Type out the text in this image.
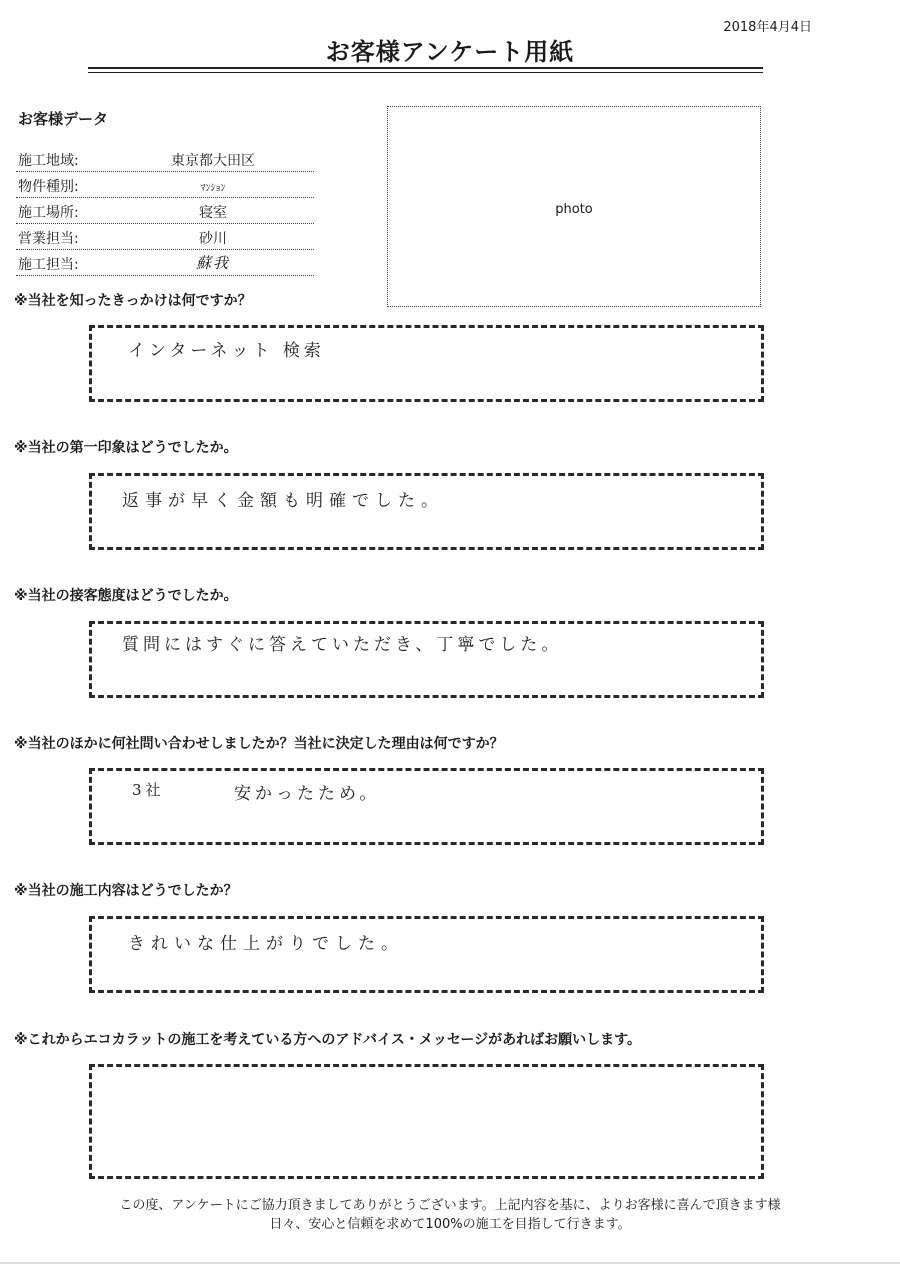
2018年4月4日
お客様アンケート用紙
お客様データ
施工地域:	東京都大田区
物件種別:	ﾏﾝｼｮﾝ
施工場所:	寝室
営業担当:	砂川
施工担当:	蘇我
photo
※当社を知ったきっかけは何ですか？
インターネット 検索
※当社の第一印象はどうでしたか。
返事が早く金額も明確でした。
※当社の接客態度はどうでしたか。
質問にはすぐに答えていただき、丁寧でした。
※当社のほかに何社問い合わせしましたか？当社に決定した理由は何ですか？
3社	安かったため。
※当社の施工内容はどうでしたか？
きれいな仕上がりでした。
※これからエコカラットの施工を考えている方へのアドバイス・メッセージがあればお願いします。
この度、アンケートにご協力頂きましてありがとうございます。上記内容を基に、よりお客様に喜んで頂きます様
日々、安心と信頼を求めて100%の施工を目指して行きます。
